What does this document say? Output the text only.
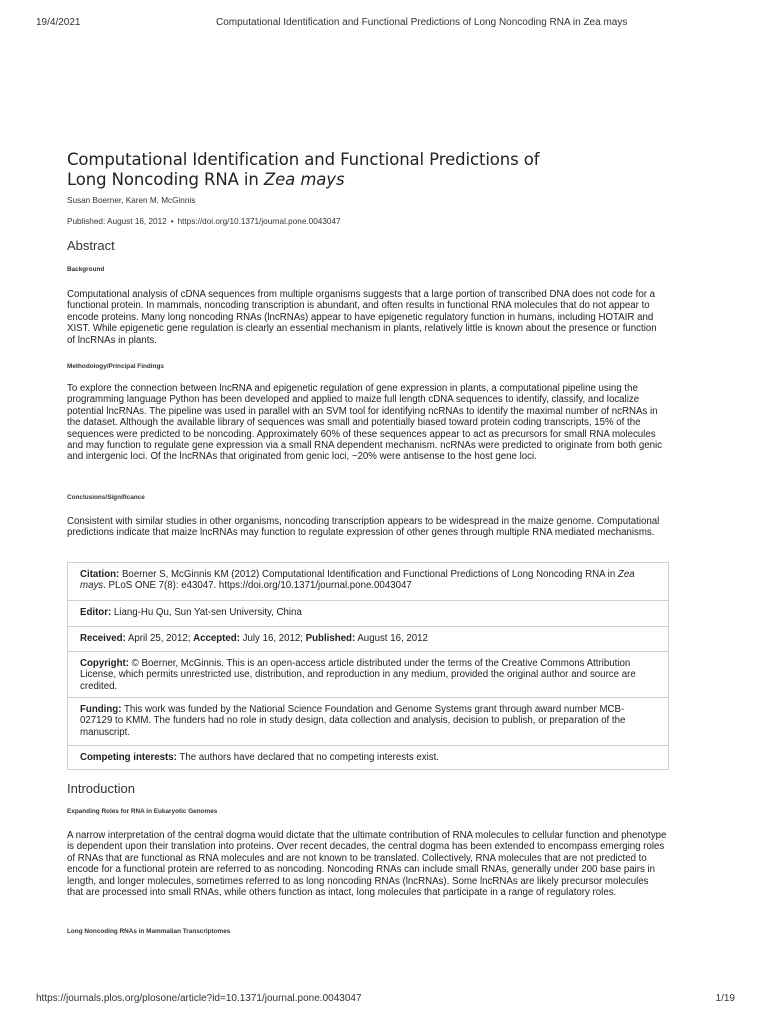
19/4/2021	Computational Identification and Functional Predictions of Long Noncoding RNA in Zea mays
Computational Identification and Functional Predictions of
Long Noncoding RNA in Zea mays
Susan Boerner, Karen M. McGinnis
Published: August 16, 2012 • https://doi.org/10.1371/journal.pone.0043047
Abstract
Background

Computational analysis of cDNA sequences from multiple organisms suggests that a large portion of transcribed DNA does not code for a functional protein. In mammals, noncoding transcription is abundant, and often results in functional RNA molecules that do not appear to encode proteins. Many long noncoding RNAs (lncRNAs) appear to have epigenetic regulatory function in humans, including HOTAIR and XIST. While epigenetic gene regulation is clearly an essential mechanism in plants, relatively little is known about the presence or function of lncRNAs in plants.

Methodology/Principal Findings

To explore the connection between lncRNA and epigenetic regulation of gene expression in plants, a computational pipeline using the programming language Python has been developed and applied to maize full length cDNA sequences to identify, classify, and localize potential lncRNAs. The pipeline was used in parallel with an SVM tool for identifying ncRNAs to identify the maximal number of ncRNAs in the dataset. Although the available library of sequences was small and potentially biased toward protein coding transcripts, 15% of the sequences were predicted to be noncoding. Approximately 60% of these sequences appear to act as precursors for small RNA molecules and may function to regulate gene expression via a small RNA dependent mechanism. ncRNAs were predicted to originate from both genic and intergenic loci. Of the lncRNAs that originated from genic loci, ~20% were antisense to the host gene loci.

Conclusions/Significance

Consistent with similar studies in other organisms, noncoding transcription appears to be widespread in the maize genome. Computational predictions indicate that maize lncRNAs may function to regulate expression of other genes through multiple RNA mediated mechanisms.

Citation: Boerner S, McGinnis KM (2012) Computational Identification and Functional Predictions of Long Noncoding RNA in Zea mays. PLoS ONE 7(8): e43047. https://doi.org/10.1371/journal.pone.0043047
Editor: Liang-Hu Qu, Sun Yat-sen University, China
Received: April 25, 2012; Accepted: July 16, 2012; Published: August 16, 2012
Copyright: © Boerner, McGinnis. This is an open-access article distributed under the terms of the Creative Commons Attribution License, which permits unrestricted use, distribution, and reproduction in any medium, provided the original author and source are credited.
Funding: This work was funded by the National Science Foundation and Genome Systems grant through award number MCB-027129 to KMM. The funders had no role in study design, data collection and analysis, decision to publish, or preparation of the manuscript.
Competing interests: The authors have declared that no competing interests exist.
Introduction
Expanding Roles for RNA in Eukaryotic Genomes

A narrow interpretation of the central dogma would dictate that the ultimate contribution of RNA molecules to cellular function and phenotype is dependent upon their translation into proteins. Over recent decades, the central dogma has been extended to encompass emerging roles of RNAs that are functional as RNA molecules and are not known to be translated. Collectively, RNA molecules that are not predicted to encode for a functional protein are referred to as noncoding. Noncoding RNAs can include small RNAs, generally under 200 base pairs in length, and longer molecules, sometimes referred to as long noncoding RNAs (lncRNAs). Some lncRNAs are likely precursor molecules that are processed into small RNAs, while others function as intact, long molecules that participate in a range of regulatory roles.

Long Noncoding RNAs in Mammalian Transcriptomes
https://journals.plos.org/plosone/article?id=10.1371/journal.pone.0043047	1/19
